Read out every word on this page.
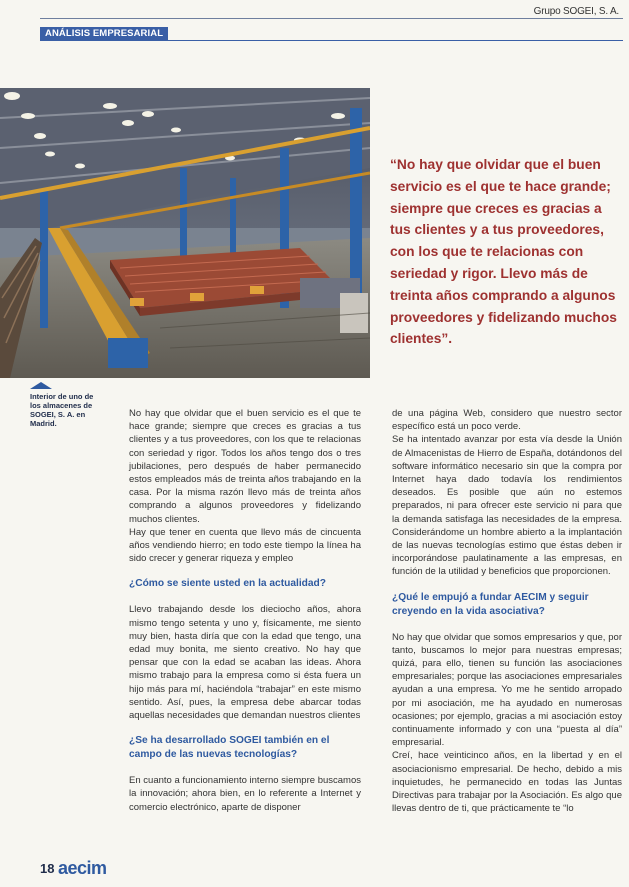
Grupo SOGEI, S. A.
ANÁLISIS EMPRESARIAL
“No hay que olvidar que el buen servicio es el que te hace grande; siempre que creces es gracias a tus clientes y a tus proveedores, con los que te relacionas con seriedad y rigor. Llevo más de treinta años comprando a algunos proveedores y fidelizando muchos clientes”.
Interior de uno de los almacenes de SOGEI, S. A. en Madrid.

No hay que olvidar que el buen servicio es el que te hace grande; siempre que creces es gracias a tus clientes y a tus proveedores, con los que te relacionas con seriedad y rigor. Todos los años tengo dos o tres jubilaciones, pero después de haber permanecido estos empleados más de treinta años trabajando en la casa. Por la misma razón llevo más de treinta años comprando a algunos proveedores y fidelizando muchos clientes.

Hay que tener en cuenta que llevo más de cincuenta años vendiendo hierro; en todo este tiempo la línea ha sido crecer y generar riqueza y empleo

¿Cómo se siente usted en la actualidad?

Llevo trabajando desde los dieciocho años, ahora mismo tengo setenta y uno y, físicamente, me siento muy bien, hasta diría que con la edad que tengo, una edad muy bonita, me siento creativo. No hay que pensar que con la edad se acaban las ideas. Ahora mismo trabajo para la empresa como si ésta fuera un hijo más para mí, haciéndola “trabajar” en este mismo sentido. Así, pues, la empresa debe abarcar todas aquellas necesidades que demandan nuestros clientes

¿Se ha desarrollado SOGEI también en el campo de las nuevas tecnologías?

En cuanto a funcionamiento interno siempre buscamos la innovación; ahora bien, en lo referente a Internet y comercio electrónico, aparte de disponer

de una página Web, considero que nuestro sector específico está un poco verde.

Se ha intentado avanzar por esta vía desde la Unión de Almacenistas de Hierro de España, dotándonos del software informático necesario sin que la compra por Internet haya dado todavía los rendimientos deseados. Es posible que aún no estemos preparados, ni para ofrecer este servicio ni para que la demanda satisfaga las necesidades de la empresa. Considerándome un hombre abierto a la implantación de las nuevas tecnologías estimo que éstas deben ir incorporándose paulatinamente a las empresas, en función de la utilidad y beneficios que proporcionen.

¿Qué le empujó a fundar AECIM y seguir creyendo en la vida asociativa?

No hay que olvidar que somos empresarios y que, por tanto, buscamos lo mejor para nuestras empresas; quizá, para ello, tienen su función las asociaciones empresariales; porque las asociaciones empresariales ayudan a una empresa. Yo me he sentido arropado por mi asociación, me ha ayudado en numerosas ocasiones; por ejemplo, gracias a mi asociación estoy continuamente informado y con una “puesta al día” empresarial.

Creí, hace veinticinco años, en la libertad y en el asociacionismo empresarial. De hecho, debido a mis inquietudes, he permanecido en todas las Juntas Directivas para trabajar por la Asociación. Es algo que llevas dentro de ti, que prácticamente te “lo

18 aecim
